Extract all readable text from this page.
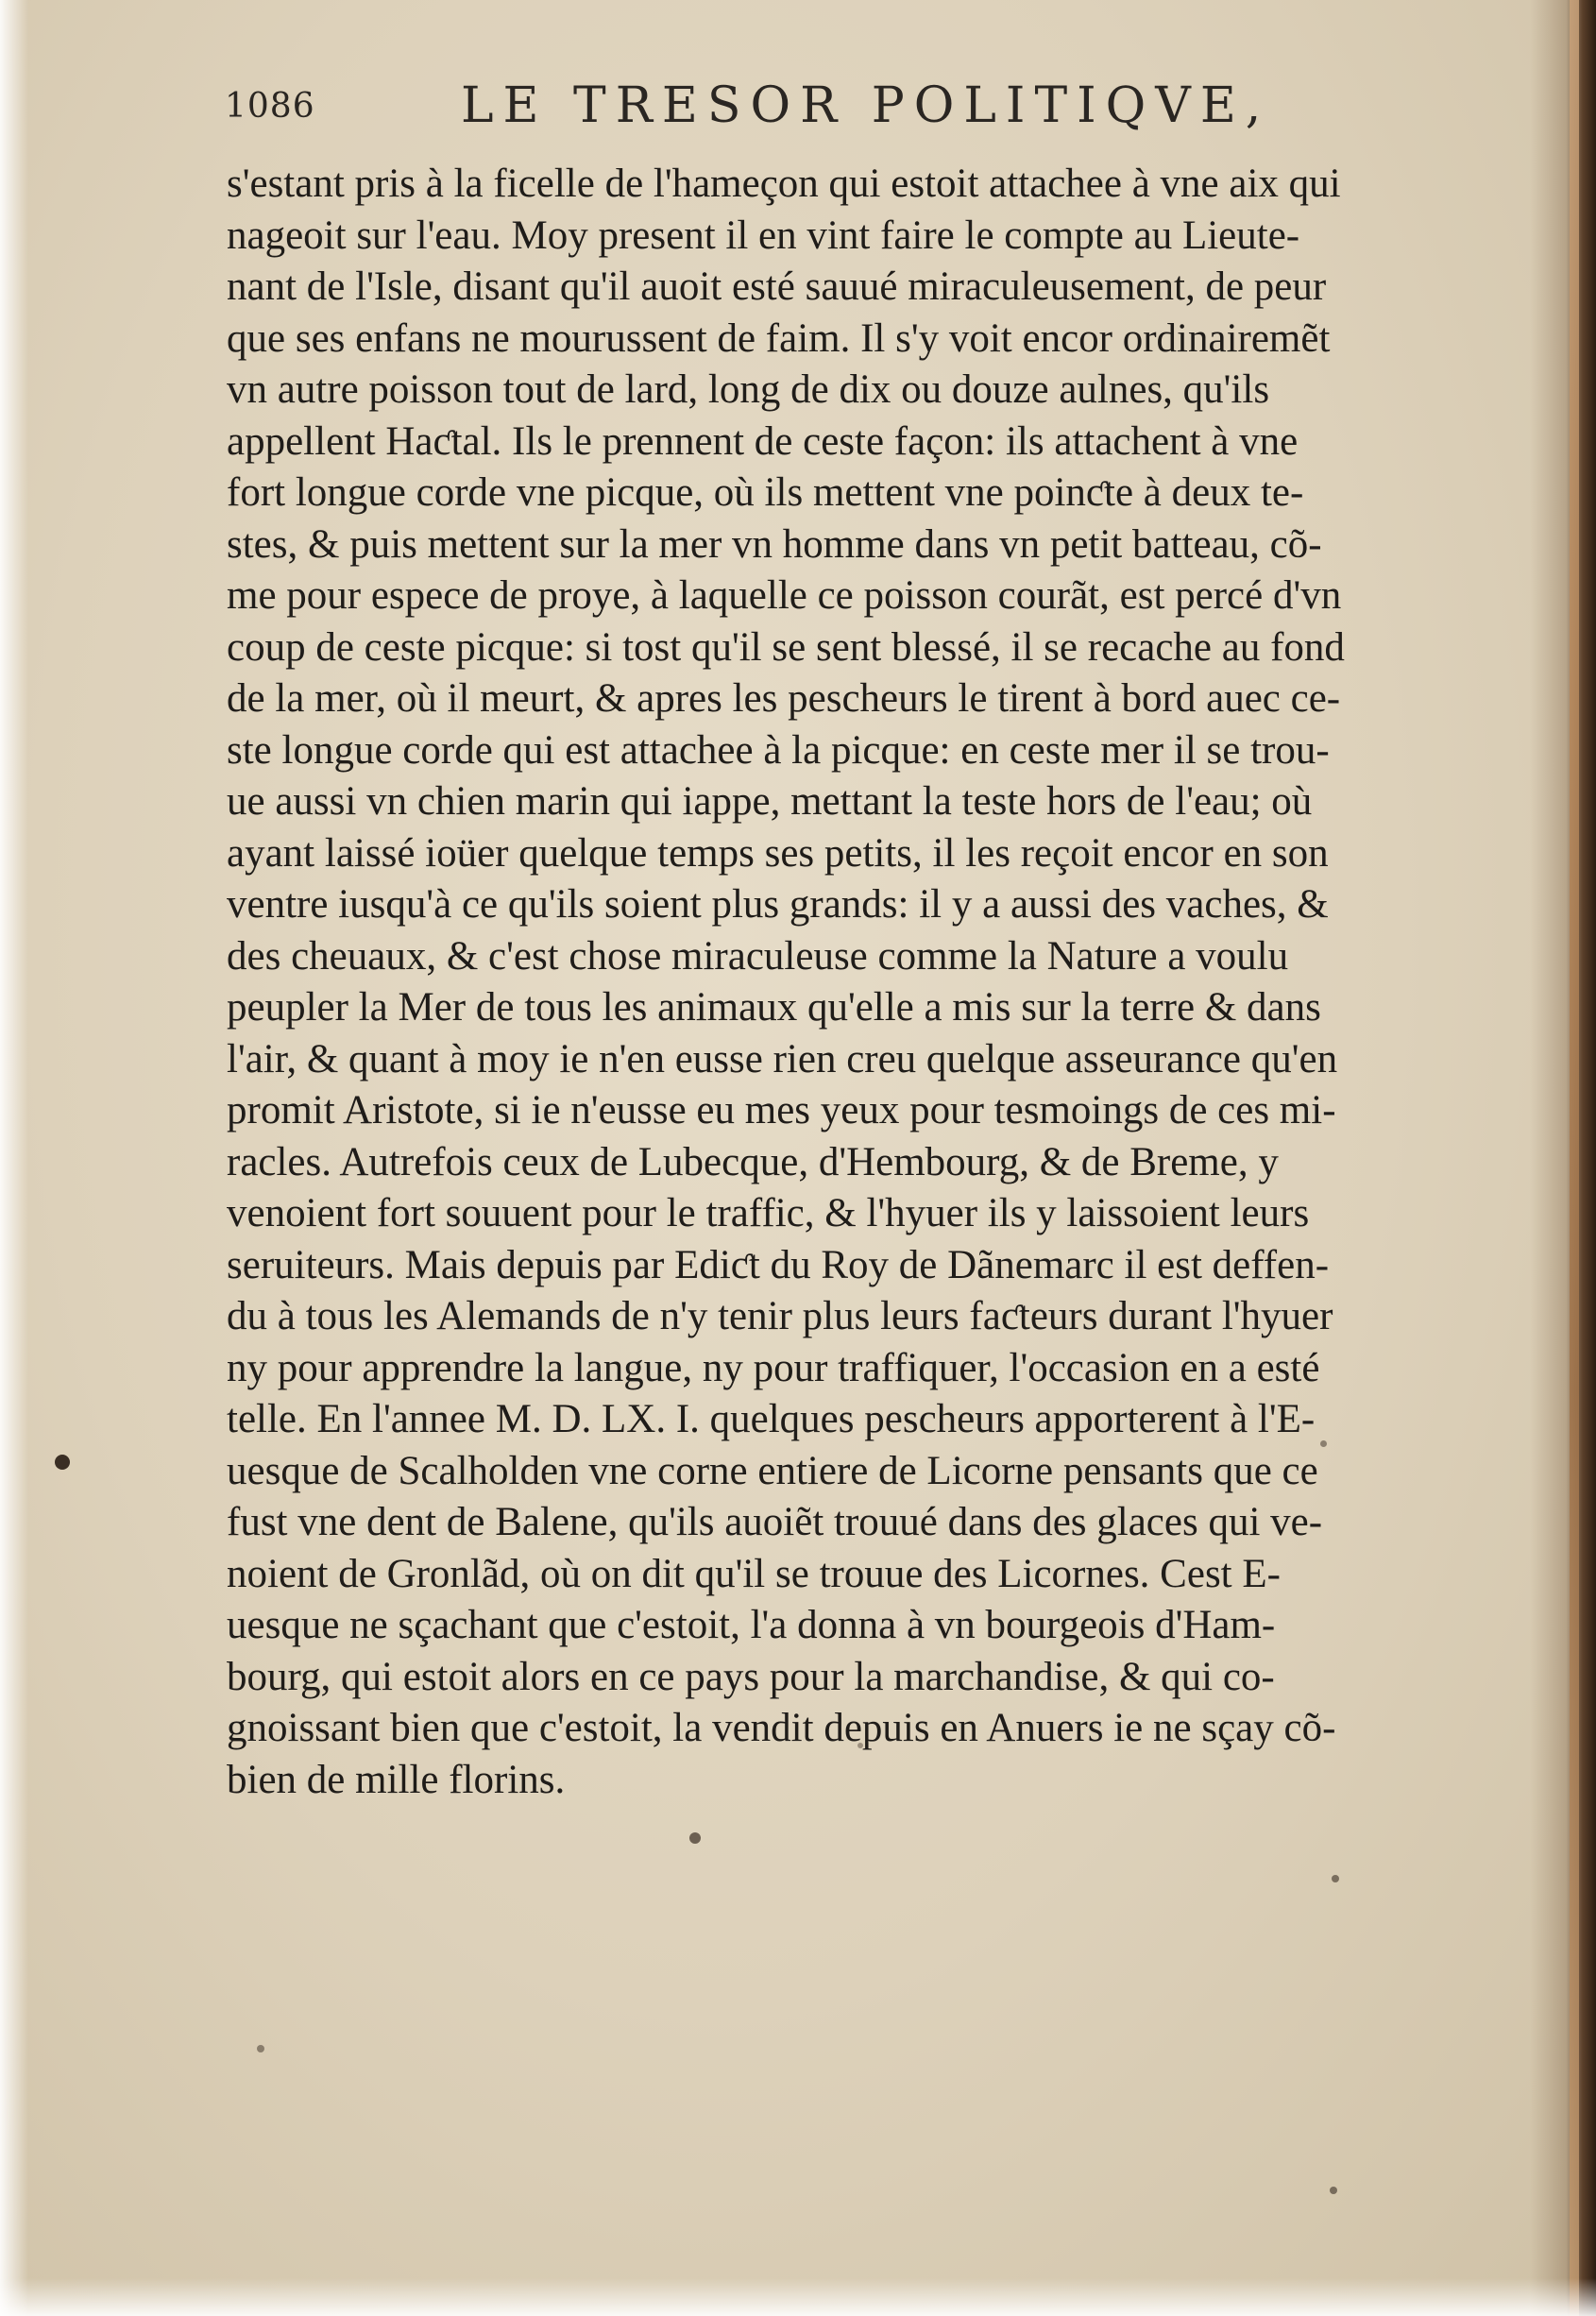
1086	LE TRESOR POLITIQVE,
s'estant pris à la ficelle de l'hameçon qui estoit attachee à vne aix qui
nageoit sur l'eau. Moy present il en vint faire le compte au Lieute-
nant de l'Isle, disant qu'il auoit esté sauué miraculeusement, de peur
que ses enfans ne mourussent de faim. Il s'y voit encor ordinairemẽt
vn autre poisson tout de lard, long de dix ou douze aulnes, qu'ils
appellent Haƈtal. Ils le prennent de ceste façon: ils attachent à vne
fort longue corde vne picque, où ils mettent vne poinƈte à deux te-
stes, & puis mettent sur la mer vn homme dans vn petit batteau, cõ-
me pour espece de proye, à laquelle ce poisson courãt, est percé d'vn
coup de ceste picque: si tost qu'il se sent blessé, il se recache au fond
de la mer, où il meurt, & apres les pescheurs le tirent à bord auec ce-
ste longue corde qui est attachee à la picque: en ceste mer il se trou-
ue aussi vn chien marin qui iappe, mettant la teste hors de l'eau; où
ayant laissé ioüer quelque temps ses petits, il les reçoit encor en son
ventre iusqu'à ce qu'ils soient plus grands: il y a aussi des vaches, &
des cheuaux, & c'est chose miraculeuse comme la Nature a voulu
peupler la Mer de tous les animaux qu'elle a mis sur la terre & dans
l'air, & quant à moy ie n'en eusse rien creu quelque asseurance qu'en
promit Aristote, si ie n'eusse eu mes yeux pour tesmoings de ces mi-
racles. Autrefois ceux de Lubecque, d'Hembourg, & de Breme, y
venoient fort souuent pour le traffic, & l'hyuer ils y laissoient leurs
seruiteurs. Mais depuis par Ediƈt du Roy de Dãnemarc il est deffen-
du à tous les Alemands de n'y tenir plus leurs faƈteurs durant l'hyuer
ny pour apprendre la langue, ny pour traffiquer, l'occasion en a esté
telle. En l'annee M. D. LX. I. quelques pescheurs apporterent à l'E-
uesque de Scalholden vne corne entiere de Licorne pensants que ce
fust vne dent de Balene, qu'ils auoiẽt trouué dans des glaces qui ve-
noient de Gronlãd, où on dit qu'il se trouue des Licornes. Cest E-
uesque ne sçachant que c'estoit, l'a donna à vn bourgeois d'Ham-
bourg, qui estoit alors en ce pays pour la marchandise, & qui co-
gnoissant bien que c'estoit, la vendit depuis en Anuers ie ne sçay cõ-
bien de mille florins.
